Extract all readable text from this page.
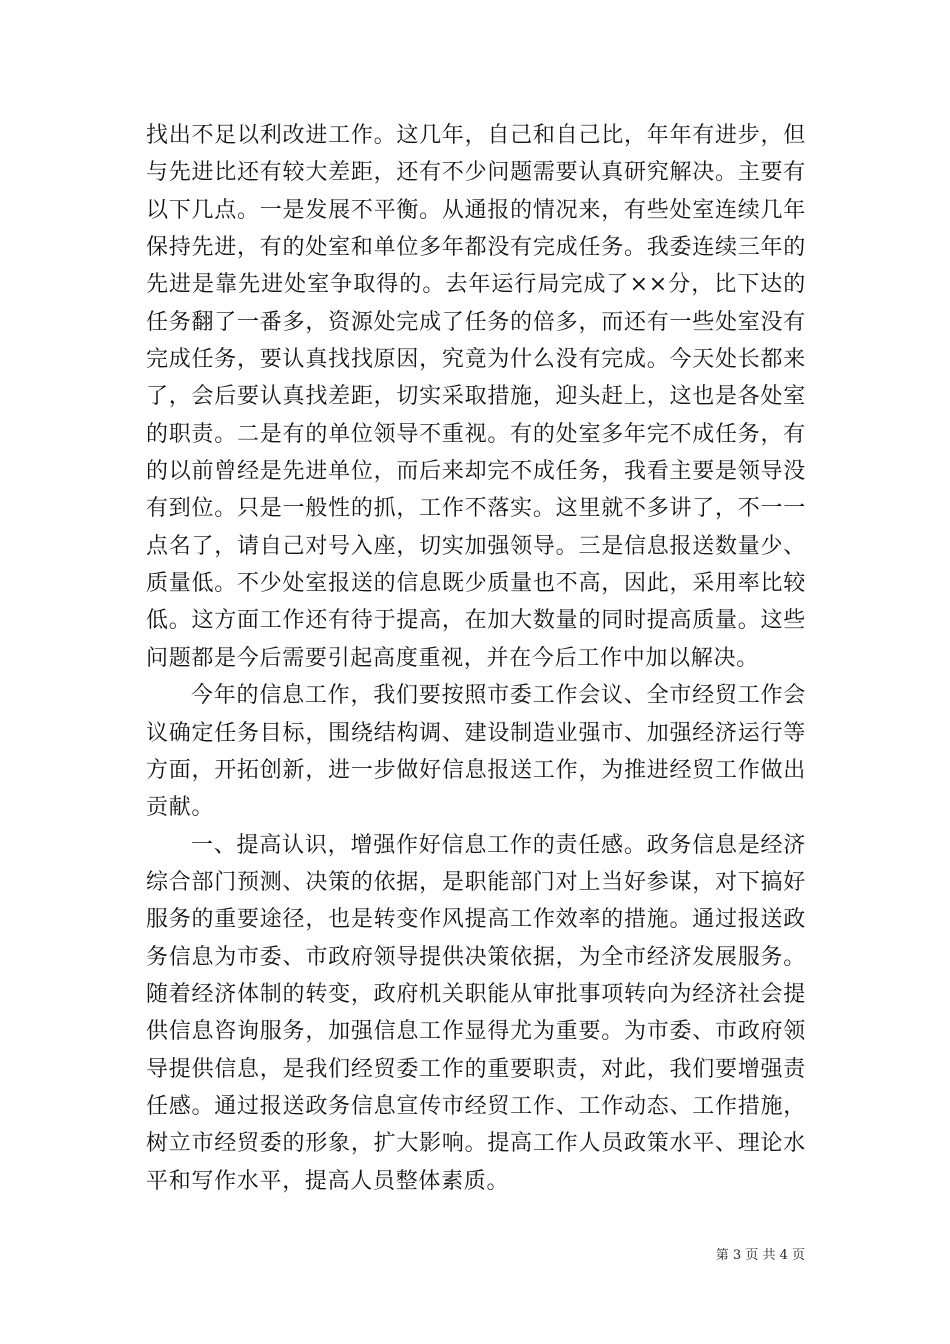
找出不足以利改进工作。这几年，自己和自己比，年年有进步，但
与先进比还有较大差距，还有不少问题需要认真研究解决。主要有
以下几点。一是发展不平衡。从通报的情况来，有些处室连续几年
保持先进，有的处室和单位多年都没有完成任务。我委连续三年的
先进是靠先进处室争取得的。去年运行局完成了××分，比下达的
任务翻了一番多，资源处完成了任务的倍多，而还有一些处室没有
完成任务，要认真找找原因，究竟为什么没有完成。今天处长都来
了，会后要认真找差距，切实采取措施，迎头赶上，这也是各处室
的职责。二是有的单位领导不重视。有的处室多年完不成任务，有
的以前曾经是先进单位，而后来却完不成任务，我看主要是领导没
有到位。只是一般性的抓，工作不落实。这里就不多讲了，不一一
点名了，请自己对号入座，切实加强领导。三是信息报送数量少、
质量低。不少处室报送的信息既少质量也不高，因此，采用率比较
低。这方面工作还有待于提高，在加大数量的同时提高质量。这些
问题都是今后需要引起高度重视，并在今后工作中加以解决。
今年的信息工作，我们要按照市委工作会议、全市经贸工作会
议确定任务目标，围绕结构调、建设制造业强市、加强经济运行等
方面，开拓创新，进一步做好信息报送工作，为推进经贸工作做出
贡献。
一、提高认识，增强作好信息工作的责任感。政务信息是经济
综合部门预测、决策的依据，是职能部门对上当好参谋，对下搞好
服务的重要途径，也是转变作风提高工作效率的措施。通过报送政
务信息为市委、市政府领导提供决策依据，为全市经济发展服务。
随着经济体制的转变，政府机关职能从审批事项转向为经济社会提
供信息咨询服务，加强信息工作显得尤为重要。为市委、市政府领
导提供信息，是我们经贸委工作的重要职责，对此，我们要增强责
任感。通过报送政务信息宣传市经贸工作、工作动态、工作措施，
树立市经贸委的形象，扩大影响。提高工作人员政策水平、理论水
平和写作水平，提高人员整体素质。
第 3 页 共 4 页
